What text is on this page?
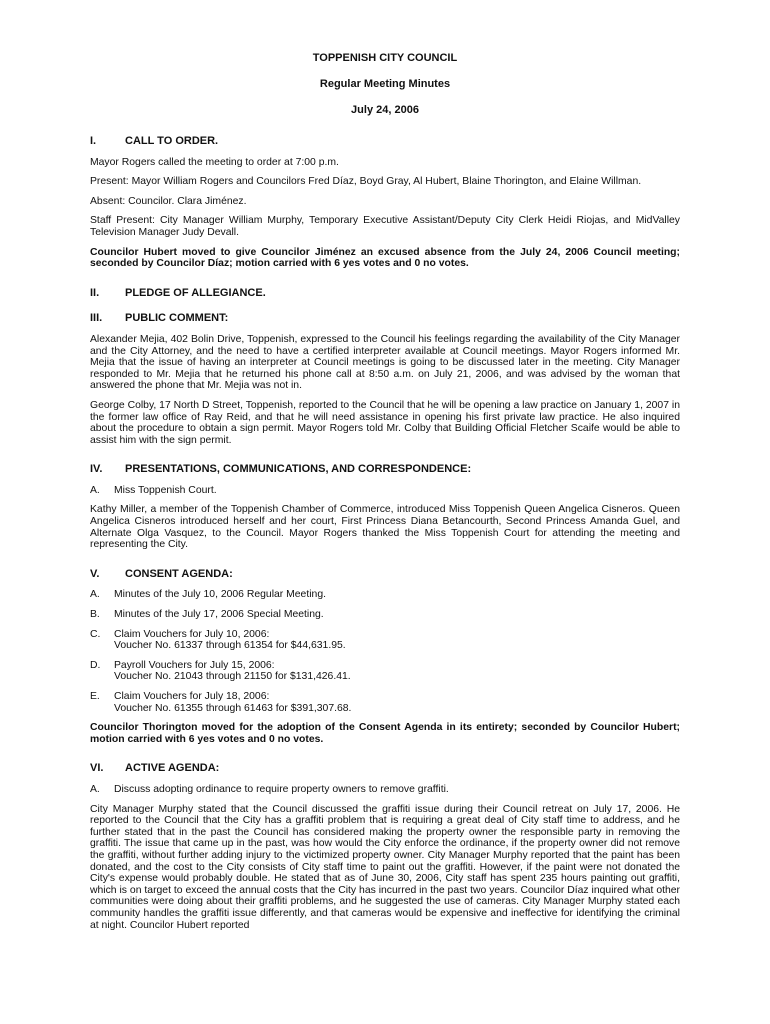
TOPPENISH CITY COUNCIL
Regular Meeting Minutes
July 24, 2006
I.	CALL TO ORDER.

Mayor Rogers called the meeting to order at 7:00 p.m.

Present: Mayor William Rogers and Councilors Fred Díaz, Boyd Gray, Al Hubert, Blaine Thorington, and Elaine Willman.

Absent: Councilor. Clara Jiménez.

Staff Present: City Manager William Murphy, Temporary Executive Assistant/Deputy City Clerk Heidi Riojas, and MidValley Television Manager Judy Devall.

Councilor Hubert moved to give Councilor Jiménez an excused absence from the July 24, 2006 Council meeting; seconded by Councilor Díaz; motion carried with 6 yes votes and 0 no votes.

II.	PLEDGE OF ALLEGIANCE.
III.	PUBLIC COMMENT:

Alexander Mejia, 402 Bolin Drive, Toppenish, expressed to the Council his feelings regarding the availability of the City Manager and the City Attorney, and the need to have a certified interpreter available at Council meetings. Mayor Rogers informed Mr. Mejia that the issue of having an interpreter at Council meetings is going to be discussed later in the meeting. City Manager responded to Mr. Mejia that he returned his phone call at 8:50 a.m. on July 21, 2006, and was advised by the woman that answered the phone that Mr. Mejia was not in.

George Colby, 17 North D Street, Toppenish, reported to the Council that he will be opening a law practice on January 1, 2007 in the former law office of Ray Reid, and that he will need assistance in opening his first private law practice. He also inquired about the procedure to obtain a sign permit. Mayor Rogers told Mr. Colby that Building Official Fletcher Scaife would be able to assist him with the sign permit.

IV.	PRESENTATIONS, COMMUNICATIONS, AND CORRESPONDENCE:
A.	Miss Toppenish Court.

Kathy Miller, a member of the Toppenish Chamber of Commerce, introduced Miss Toppenish Queen Angelica Cisneros. Queen Angelica Cisneros introduced herself and her court, First Princess Diana Betancourth, Second Princess Amanda Guel, and Alternate Olga Vasquez, to the Council. Mayor Rogers thanked the Miss Toppenish Court for attending the meeting and representing the City.

V.	CONSENT AGENDA:
A.	Minutes of the July 10, 2006 Regular Meeting.
B.	Minutes of the July 17, 2006 Special Meeting.
C.	Claim Vouchers for July 10, 2006:
Voucher No. 61337 through 61354 for $44,631.95.
D.	Payroll Vouchers for July 15, 2006:
Voucher No. 21043 through 21150 for $131,426.41.
E.	Claim Vouchers for July 18, 2006:
Voucher No. 61355 through 61463 for $391,307.68.

Councilor Thorington moved for the adoption of the Consent Agenda in its entirety; seconded by Councilor Hubert; motion carried with 6 yes votes and 0 no votes.

VI.	ACTIVE AGENDA:
A.	Discuss adopting ordinance to require property owners to remove graffiti.

City Manager Murphy stated that the Council discussed the graffiti issue during their Council retreat on July 17, 2006. He reported to the Council that the City has a graffiti problem that is requiring a great deal of City staff time to address, and he further stated that in the past the Council has considered making the property owner the responsible party in removing the graffiti. The issue that came up in the past, was how would the City enforce the ordinance, if the property owner did not remove the graffiti, without further adding injury to the victimized property owner. City Manager Murphy reported that the paint has been donated, and the cost to the City consists of City staff time to paint out the graffiti. However, if the paint were not donated the City's expense would probably double. He stated that as of June 30, 2006, City staff has spent 235 hours painting out graffiti, which is on target to exceed the annual costs that the City has incurred in the past two years. Councilor Díaz inquired what other communities were doing about their graffiti problems, and he suggested the use of cameras. City Manager Murphy stated each community handles the graffiti issue differently, and that cameras would be expensive and ineffective for identifying the criminal at night. Councilor Hubert reported
